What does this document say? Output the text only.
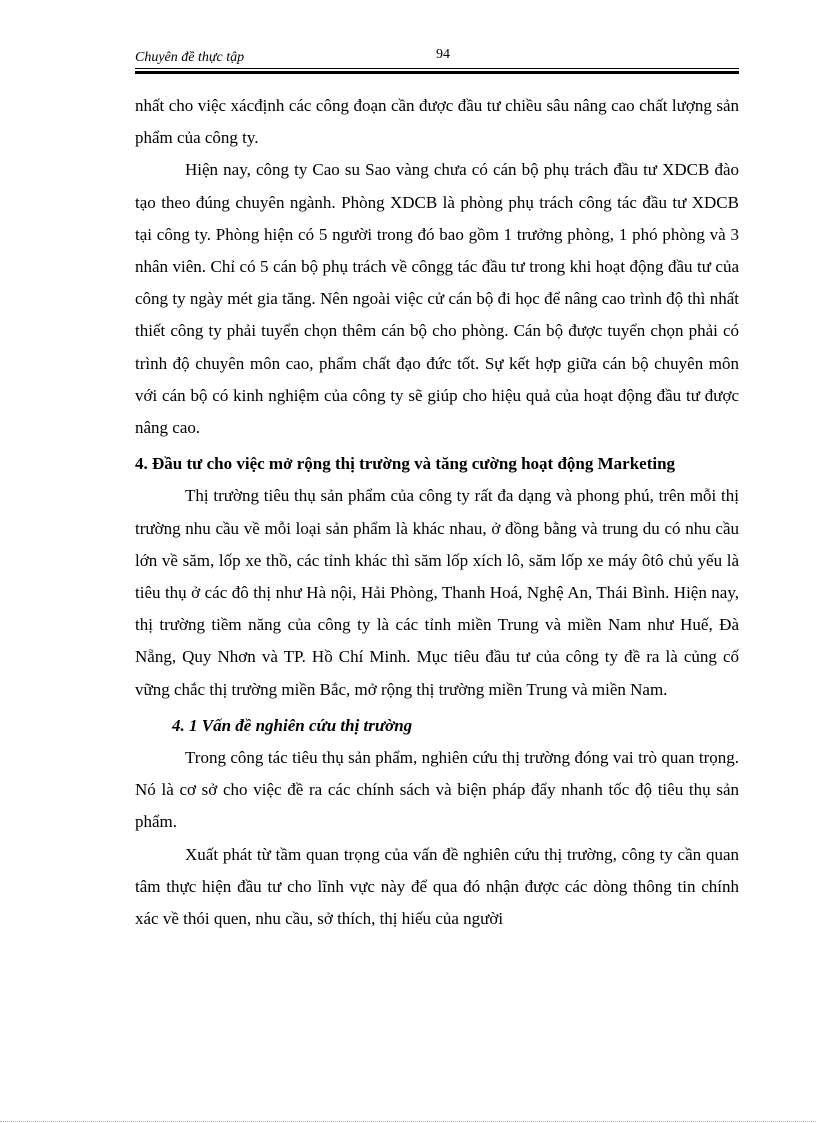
Chuyên đề thực tập	94

nhất cho việc xácđịnh các công đoạn cần được đầu tư chiều sâu nâng cao chất lượng sản phẩm của công ty.

Hiện nay, công ty Cao su Sao vàng chưa có cán bộ phụ trách đầu tư XDCB đào tạo theo đúng chuyên ngành. Phòng XDCB là phòng phụ trách công tác đầu tư XDCB tại công ty. Phòng hiện có 5 người trong đó bao gồm 1 trưởng phòng, 1 phó phòng và 3 nhân viên. Chỉ có 5 cán bộ phụ trách về côngg tác đầu tư trong khi hoạt động đầu tư của công ty ngày mét gia tăng. Nên ngoài việc cử cán bộ đi học để nâng cao trình độ thì nhất thiết công ty phải tuyển chọn thêm cán bộ cho phòng. Cán bộ được tuyển chọn phải có trình độ chuyên môn cao, phẩm chất đạo đức tốt. Sự kết hợp giữa cán bộ chuyên môn với cán bộ có kinh nghiệm của công ty sẽ giúp cho hiệu quả của hoạt động đầu tư được nâng cao.

4. Đầu tư cho việc mở rộng thị trường và tăng cường hoạt động Marketing

Thị trường tiêu thụ sản phẩm của công ty rất đa dạng và phong phú, trên mỗi thị trường nhu cầu về mỗi loại sản phẩm là khác nhau, ở đồng bằng và trung du có nhu cầu lớn về săm, lốp xe thồ, các tỉnh khác thì săm lốp xích lô, săm lốp xe máy ôtô chủ yếu là tiêu thụ ở các đô thị như Hà nội, Hải Phòng, Thanh Hoá, Nghệ An, Thái Bình. Hiện nay, thị trường tiềm năng của công ty là các tỉnh miền Trung và miền Nam như Huế, Đà Nẵng, Quy Nhơn và TP. Hồ Chí Minh. Mục tiêu đầu tư của công ty đề ra là củng cố vững chắc thị trường miền Bắc, mở rộng thị trường miền Trung và miền Nam.

4. 1 Vấn đề nghiên cứu thị trường

Trong công tác tiêu thụ sản phẩm, nghiên cứu thị trường đóng vai trò quan trọng. Nó là cơ sở cho việc đề ra các chính sách và biện pháp đẩy nhanh tốc độ tiêu thụ sản phẩm.

Xuất phát từ tầm quan trọng của vấn đề nghiên cứu thị trường, công ty cần quan tâm thực hiện đầu tư cho lĩnh vực này để qua đó nhận được các dòng thông tin chính xác về thói quen, nhu cầu, sở thích, thị hiếu của người
